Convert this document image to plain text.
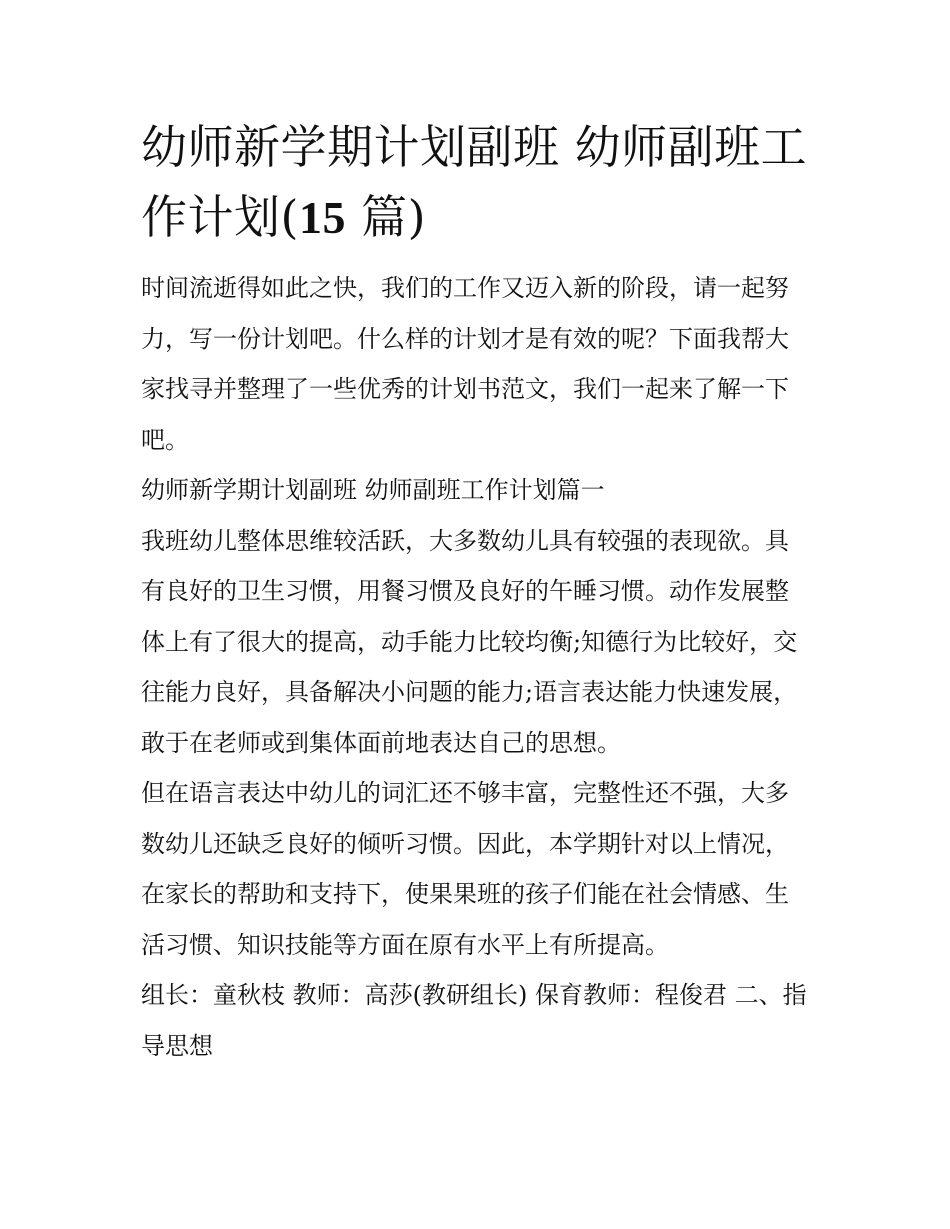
幼师新学期计划副班 幼师副班工作计划(15 篇)

时间流逝得如此之快，我们的工作又迈入新的阶段，请一起努力，写一份计划吧。什么样的计划才是有效的呢？下面我帮大家找寻并整理了一些优秀的计划书范文，我们一起来了解一下吧。

幼师新学期计划副班 幼师副班工作计划篇一

我班幼儿整体思维较活跃，大多数幼儿具有较强的表现欲。具有良好的卫生习惯，用餐习惯及良好的午睡习惯。动作发展整体上有了很大的提高，动手能力比较均衡;知德行为比较好，交往能力良好，具备解决小问题的能力;语言表达能力快速发展，敢于在老师或到集体面前地表达自己的思想。

但在语言表达中幼儿的词汇还不够丰富，完整性还不强，大多数幼儿还缺乏良好的倾听习惯。因此，本学期针对以上情况，在家长的帮助和支持下，使果果班的孩子们能在社会情感、生活习惯、知识技能等方面在原有水平上有所提高。

组长：童秋枝 教师：高莎(教研组长) 保育教师：程俊君 二、指导思想
